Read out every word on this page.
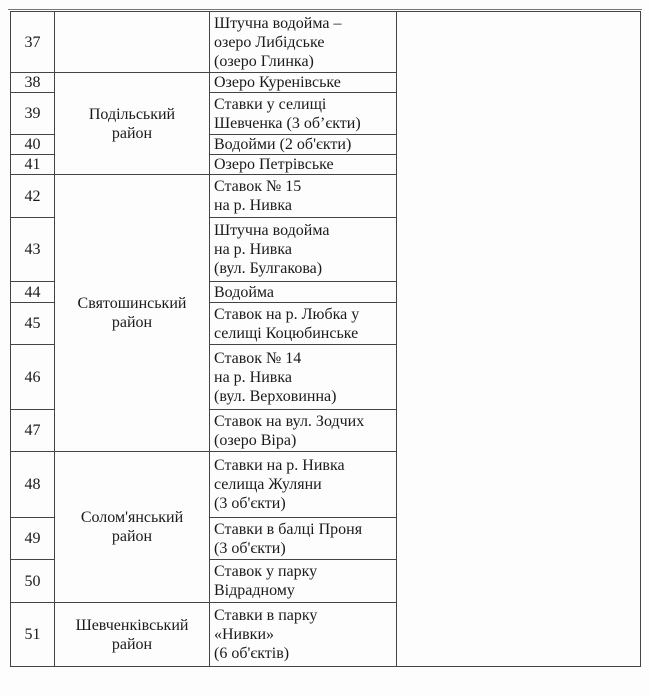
37		Штучна водойма –
озеро Либідське
(озеро Глинка)	
38	Подільський
район	Озеро Куренівське	
39		Ставки у селищі
Шевченка (3 об’єкти)	
40		Водойми (2 об'єкти)	
41		Озеро Петрівське	
42	Святошинський
район	Ставок № 15
на р. Нивка	
43		Штучна водойма
на р. Нивка
(вул. Булгакова)	
44		Водойма	
45		Ставок на р. Любка у
селищі Коцюбинське	
46		Ставок № 14
на р. Нивка
(вул. Верховинна)	
47		Ставок на вул. Зодчих
(озеро Віра)	
48	Солом'янський
район	Ставки на р. Нивка
селища Жуляни
(3 об'єкти)	
49		Ставки в балці Проня
(3 об'єкти)	
50		Ставок у парку
Відрадному	
51	Шевченківський
район	Ставки в парку
«Нивки»
(6 об'єктів)	
